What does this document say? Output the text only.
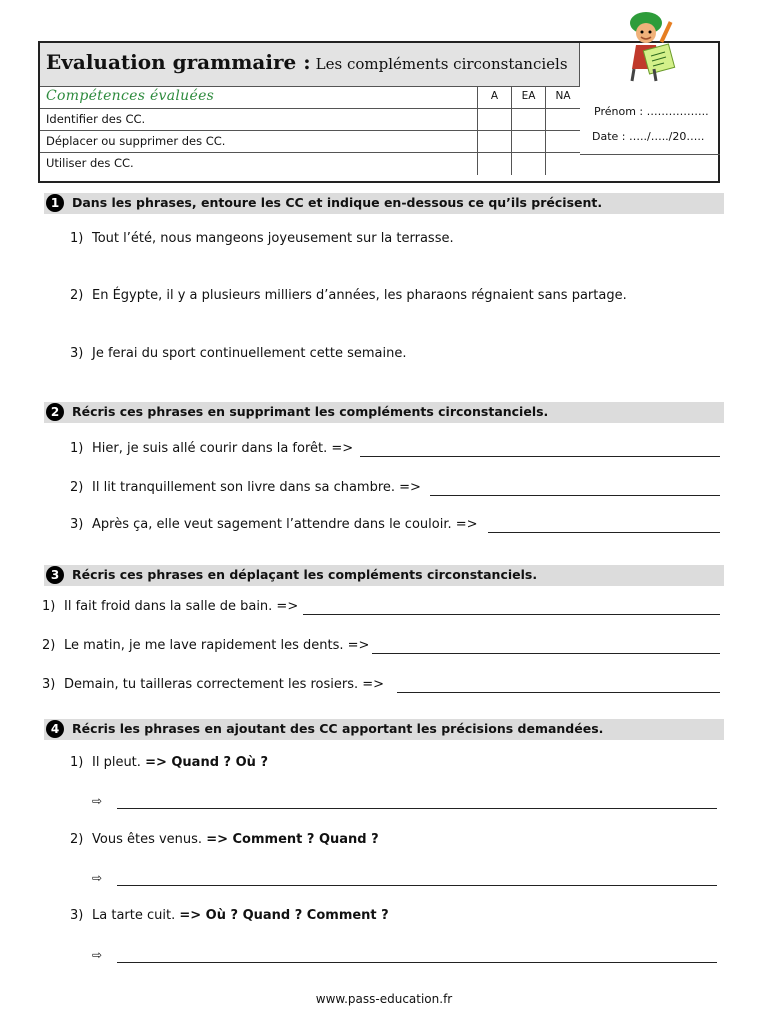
Evaluation grammaire : Les compléments circonstanciels
Compétences évaluées	A	EA	NA
Identifier des CC.
Déplacer ou supprimer des CC.
Utiliser des CC.
Prénom : ……………..
Date : …../…../20…..
1	Dans les phrases, entoure les CC et indique en-dessous ce qu’ils précisent.
1) Tout l’été, nous mangeons joyeusement sur la terrasse.
2) En Égypte, il y a plusieurs milliers d’années, les pharaons régnaient sans partage.
3) Je ferai du sport continuellement cette semaine.
2	Récris ces phrases en supprimant les compléments circonstanciels.
1) Hier, je suis allé courir dans la forêt. =>
2) Il lit tranquillement son livre dans sa chambre. =>
3) Après ça, elle veut sagement l’attendre dans le couloir. =>
3	Récris ces phrases en déplaçant les compléments circonstanciels.
1) Il fait froid dans la salle de bain. =>
2) Le matin, je me lave rapidement les dents. =>
3) Demain, tu tailleras correctement les rosiers. =>
4	Récris les phrases en ajoutant des CC apportant les précisions demandées.
1) Il pleut. => Quand ? Où ?
⇨
2) Vous êtes venus. => Comment ? Quand ?
⇨
3) La tarte cuit. => Où ? Quand ? Comment ?
⇨
www.pass-education.fr
